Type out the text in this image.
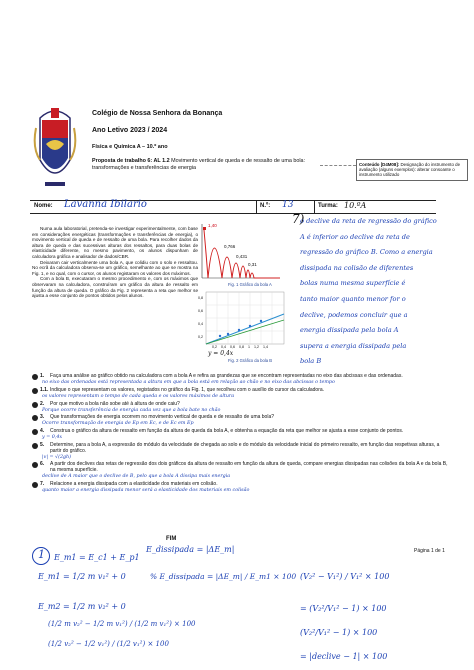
Colégio de Nossa Senhora da Bonança
Ano Letivo 2023 / 2024
Física e Química A – 10.º ano
Proposta de trabalho 6: AL 1.2 Movimento vertical de queda e de ressalto de uma bola: transformações e transferências de energia
Conteúdo [D4M08]: Designação do instrumento de avaliação (alguns exemplos): alterar consoante o instrumento utilizado
Nome: Lavanna Ibilario	N.º: 13	Turma: 10.ºA

Numa aula laboratorial, pretenda-se investigar experimentalmente, com base em considerações energéticas (transformações e transferências de energia), o movimento vertical de queda e de ressalto de uma bola. Para recolher dados da altura de queda e das sucessivas alturas dos ressaltos, para duas bolas de elasticidade diferente, no mesmo pavimento, os alunos dispunham de calculadora gráfica e analisador de dados/CBR.

Deixaram cair verticalmente uma bola A, que colidiu com o solo e ressaltou. No ecrã da calculadora observa-se um gráfico, semelhante ao que se mostra na Fig. 1, e no qual, com o cursor, os alunos registaram os valores dos máximos.

Com a bola B, executaram o mesmo procedimento e, com os máximos que observaram na calculadora, construíram um gráfico da altura de ressalto em função da altura de queda. O gráfico da Fig. 2 representa a reta que melhor se ajusta a esse conjunto de pontos obtidos pelos alunos.

1,40
0,766
0,431
0,31
Fig. 1 Gráfico da bola A
0,8
0,6
0,4
0,2
0,2 0,4 0,6 0,8 1 1,2 1,4
Fig. 2 Gráfico da bola B
y = 0,4x
7)
o declive da reta de regressão do gráfico
A é inferior ao declive da reta de
regressão do gráfico B. Como a energia
dissipada na colisão de diferentes
bolas numa mesma superfície é
tanto maior quanto menor for o
declive, podemos concluir que a
energia dissipada pela bola A
supera a energia dissipada pela
bola B
1.	Faça uma análise ao gráfico obtido na calculadora com a bola A e refira as grandezas que se encontram representadas no eixo das abcissas e das ordenadas.
no eixo das ordenadas está representada a altura em que a bola está em relação ao chão e no eixo das abcissas o tempo
1.1. Indique o que representam os valores, registados no gráfico da Fig. 1, que recolheu com o auxílio do cursor da calculadora.
os valores representam o tempo de cada queda e os valores máximos de altura
2.	Por que motivo a bola não sobe até à altura de onde caiu?
Porque ocorre transferência de energia cada vez que a bola bate no chão
3.	Que transformações de energia ocorrem no movimento vertical de queda e de ressalto de uma bola?
Ocorre transformação de energia de Ep em Ec, e de Ec em Ep
4.	Construa o gráfico da altura de ressalto em função da altura de queda da bola A, e obtenha a equação da reta que melhor se ajusta a esse conjunto de pontos.
y = 0,4x
5.	Determine, para a bola A, a expressão do módulo da velocidade de chegada ao solo e do módulo da velocidade inicial do primeiro ressalto, em função das respetivas alturas, a partir do gráfico.
|v| = √(2gh)
6.	A partir dos declives das retas de regressão dos dois gráficos da altura de ressalto em função da altura de queda, compare energias dissipadas nas colisões da bola A e da bola B, na mesma superfície.
declive de A maior que o declive de B, pelo que a bola A dissipa mais energia
7.	Relacione a energia dissipada com a elasticidade dos materiais em colisão.
quanto maior a energia dissipada menor será a elasticidade dos materiais em colisão
FIM
Página 1 de 1
1 E_m1 = E_c1 + E_p1
E_dissipada = |ΔE_m|
E_m1 = 1/2 m v₁² + 0	% E_dissipada = |ΔE_m| / E_m1 × 100
E_m2 = 1/2 m v₂² + 0
(1/2 m v₂² − 1/2 m v₁²) / (1/2 m v₁²) × 100
(V₂² − V₁²) / V₁² × 100
= (V₂²/V₁² − 1) × 100
(1/2 v₂² − 1/2 v₁²) / (1/2 v₁²) × 100
(V₂²/V₁² − 1) × 100
= |declive − 1| × 100
